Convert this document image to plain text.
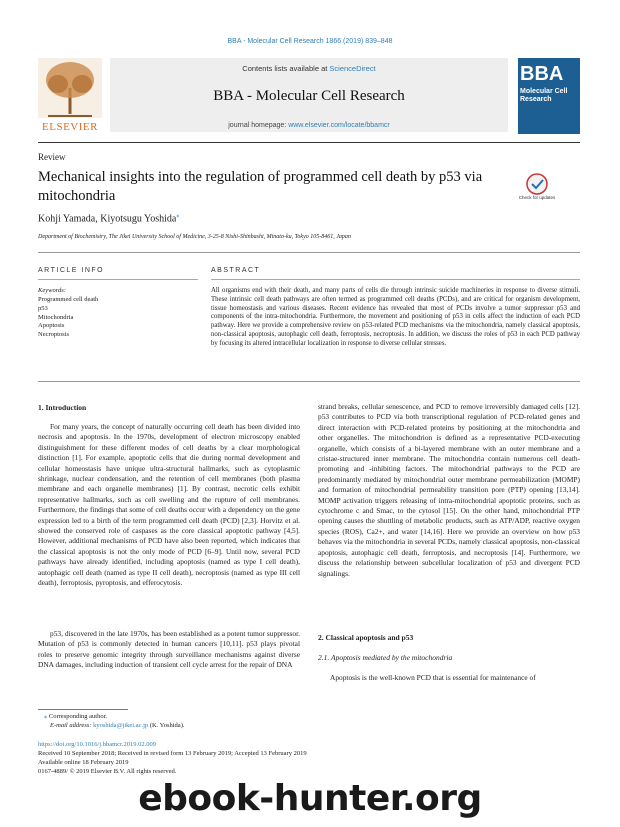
BBA - Molecular Cell Research 1866 (2019) 839–848
ELSEVIER
Contents lists available at ScienceDirect
BBA - Molecular Cell Research
journal homepage: www.elsevier.com/locate/bbamcr
BBA
Molecular Cell Research
Review
Mechanical insights into the regulation of programmed cell death by p53 via mitochondria	Check for updates
Kohji Yamada, Kiyotsugu Yoshida⁎
Department of Biochemistry, The Jikei University School of Medicine, 3-25-8 Nishi-Shinbashi, Minato-ku, Tokyo 105-8461, Japan
ARTICLE INFO	ABSTRACT
Keywords:
Programmed cell death
p53
Mitochondria
Apoptosis
Necroptosis
All organisms end with their death, and many parts of cells die through intrinsic suicide machineries in response to diverse stimuli. These intrinsic cell death pathways are often termed as programmed cell deaths (PCDs), and are critical for organism development, tissue homeostasis and various diseases. Recent evidence has revealed that most of PCDs involve a tumor suppressor p53 and components of the intra-mitochondria. Furthermore, the movement and positioning of p53 in cells affect the induction of each PCD pathway. Here we provide a comprehensive review on p53-related PCD mechanisms via the mitochondria, namely classical apoptosis, non-classical apoptosis, autophagic cell death, ferroptosis, necroptosis. In addition, we discuss the roles of p53 in each PCD pathway by focusing its altered intracellular localization in response to diverse cellular stresses.
1. Introduction
For many years, the concept of naturally occurring cell death has been divided into necrosis and apoptosis. In the 1970s, development of electron microscopy enabled distinguishment for these different modes of cell deaths by a clear morphological distinction [1]. For example, apoptotic cells that die during normal development and cellular homeostasis have unique ultra-structural hallmarks, such as cytoplasmic shrinkage, nuclear condensation, and the retention of cell membranes (both plasma membrane and each organelle membranes) [1]. By contrast, necrotic cells exhibit representative hallmarks, such as cell swelling and the rupture of cell membranes. Furthermore, the findings that some of cell deaths occur with a dependency on the gene expression led to a birth of the term programmed cell death (PCD) [2,3]. Horvitz et al. showed the conserved role of caspases as the core classical apoptotic pathway [4,5]. However, additional mechanisms of PCD have also been reported, which indicates that the classical apoptosis is not the only mode of PCD [6–9]. Until now, several PCD pathways have already identified, including apoptosis (named as type I cell death), autophagic cell death (named as type II cell death), necroptosis (named as type III cell death), ferroptosis, pyroptosis, and efferocytosis.
p53, discovered in the late 1970s, has been established as a potent tumor suppressor. Mutation of p53 is commonly detected in human cancers [10,11]. p53 plays pivotal roles to preserve genomic integrity through surveillance mechanisms against diverse DNA damages, including induction of transient cell cycle arrest for the repair of DNA
strand breaks, cellular senescence, and PCD to remove irreversibly damaged cells [12]. p53 contributes to PCD via both transcriptional regulation of PCD-related genes and direct interaction with PCD-related proteins by positioning at the mitochondria and other organelles. The mitochondrion is defined as a representative PCD-executing organelle, which consists of a bi-layered membrane with an outer membrane and a cristae-structured inner membrane. The mitochondria contain numerous cell death-promoting and -inhibiting factors. The mitochondrial pathways to the PCD are predominantly mediated by mitochondrial outer membrane permeabilization (MOMP) and formation of mitochondrial permeability transition pore (PTP) opening [13,14]. MOMP activation triggers releasing of intra-mitochondrial apoptotic proteins, such as cytochrome c and Smac, to the cytosol [15]. On the other hand, mitochondrial PTP opening causes the shuttling of metabolic products, such as ATP/ADP, reactive oxygen species (ROS), Ca2+, and water [14,16]. Here we provide an overview on how p53 behaves via the mitochondria in several PCDs, namely classical apoptosis, non-classical apoptosis, autophagic cell death, ferroptosis, and necroptosis [14]. Furthermore, we discuss the relationship between subcellular localization of p53 and divergent PCD signalings.
2. Classical apoptosis and p53
2.1. Apoptosis mediated by the mitochondria
Apoptosis is the well-known PCD that is essential for maintenance of
⁎ Corresponding author.
E-mail address: kyoshida@jikei.ac.jp (K. Yoshida).
https://doi.org/10.1016/j.bbamcr.2019.02.009
Received 10 September 2018; Received in revised form 13 February 2019; Accepted 13 February 2019
Available online 18 February 2019
0167-4889/ © 2019 Elsevier B.V. All rights reserved.
ebook-hunter.org
